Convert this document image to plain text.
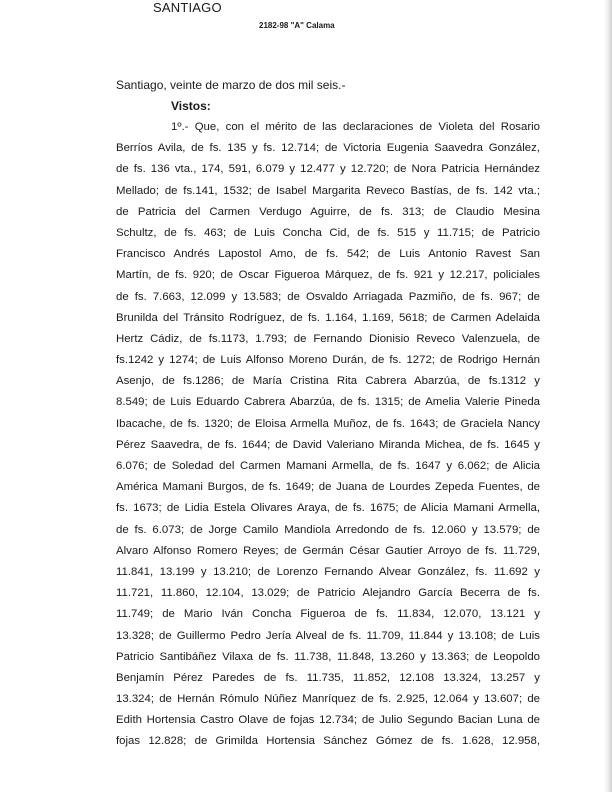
SANTIAGO

2182-98 "A" Calama

Santiago, veinte de marzo de dos mil seis.-

Vistos:

1º.- Que, con el mérito de las declaraciones de Violeta del Rosario
Berríos Avila, de fs. 135 y fs. 12.714; de Victoria Eugenia Saavedra González,
de fs. 136 vta., 174, 591, 6.079 y 12.477 y 12.720; de Nora Patricia Hernández
Mellado; de fs.141, 1532; de Isabel Margarita Reveco Bastías, de fs. 142 vta.;
de Patricia del Carmen Verdugo Aguirre, de fs. 313; de Claudio Mesina
Schultz, de fs. 463; de Luis Concha Cid, de fs. 515 y 11.715; de Patricio
Francisco Andrés Lapostol Amo, de fs. 542; de Luis Antonio Ravest San
Martín, de fs. 920; de Oscar Figueroa Márquez, de fs. 921 y 12.217, policiales
de fs. 7.663, 12.099 y 13.583; de Osvaldo Arriagada Pazmiño, de fs. 967; de
Brunilda del Tránsito Rodríguez, de fs. 1.164, 1.169, 5618; de Carmen Adelaida
Hertz Cádiz, de fs.1173, 1.793; de Fernando Dionisio Reveco Valenzuela, de
fs.1242 y 1274; de Luis Alfonso Moreno Durán, de fs. 1272; de Rodrigo Hernán
Asenjo, de fs.1286; de María Cristina Rita Cabrera Abarzúa, de fs.1312 y
8.549; de Luis Eduardo Cabrera Abarzúa, de fs. 1315; de Amelia Valerie Pineda
Ibacache, de fs. 1320; de Eloisa Armella Muñoz, de fs. 1643; de Graciela Nancy
Pérez Saavedra, de fs. 1644; de David Valeriano Miranda Michea, de fs. 1645 y
6.076; de Soledad del Carmen Mamani Armella, de fs. 1647 y 6.062; de Alicia
América Mamani Burgos, de fs. 1649; de Juana de Lourdes Zepeda Fuentes, de
fs. 1673; de Lidia Estela Olivares Araya, de fs. 1675; de Alicia Mamani Armella,
de fs. 6.073; de Jorge Camilo Mandiola Arredondo de fs. 12.060 y 13.579; de
Alvaro Alfonso Romero Reyes; de Germán César Gautier Arroyo de fs. 11.729,
11.841, 13.199 y 13.210; de Lorenzo Fernando Alvear González, fs. 11.692 y
11.721, 11.860, 12.104, 13.029; de Patricio Alejandro García Becerra de fs.
11.749; de Mario Iván Concha Figueroa de fs. 11.834, 12.070, 13.121 y
13.328; de Guillermo Pedro Jería Alveal de fs. 11.709, 11.844 y 13.108; de Luis
Patricio Santibáñez Vilaxa de fs. 11.738, 11.848, 13.260 y 13.363; de Leopoldo
Benjamín Pérez Paredes de fs. 11.735, 11.852, 12.108 13.324, 13.257 y
13.324; de Hernán Rómulo Núñez Manríquez de fs. 2.925, 12.064 y 13.607; de
Edith Hortensia Castro Olave de fojas 12.734; de Julio Segundo Bacian Luna de
fojas 12.828; de Grimilda Hortensia Sánchez Gómez de fs. 1.628, 12.958,
